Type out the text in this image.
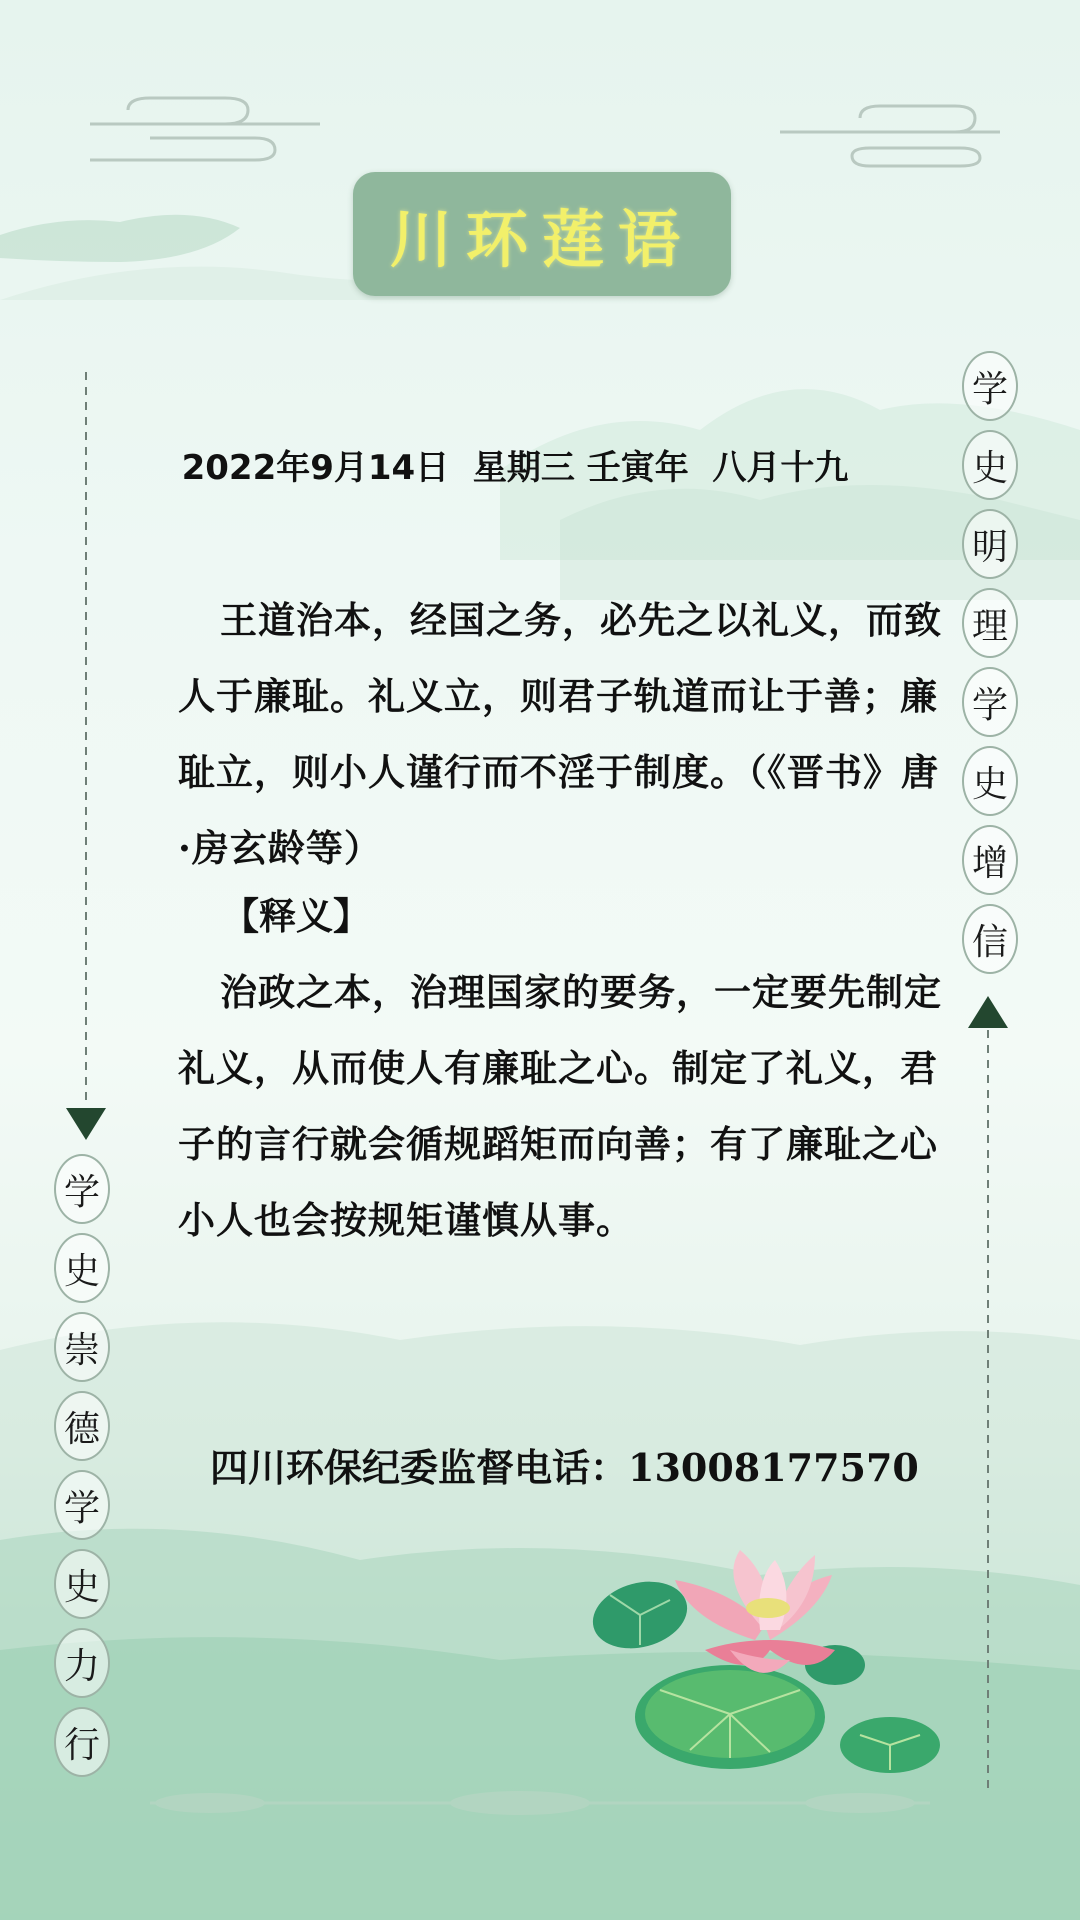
川环莲语
2022年9月14日  星期三 壬寅年  八月十九
王道治本，经国之务，必先之以礼义，而致人于廉耻。礼义立，则君子轨道而让于善；廉耻立，则小人谨行而不淫于制度。（《晋书》唐·房玄龄等）
【释义】
治政之本，治理国家的要务，一定要先制定礼义，从而使人有廉耻之心。制定了礼义，君子的言行就会循规蹈矩而向善；有了廉耻之心小人也会按规矩谨慎从事。
四川环保纪委监督电话：13008177570
学
史
明
理
学
史
增
信
学
史
崇
德
学
史
力
行
